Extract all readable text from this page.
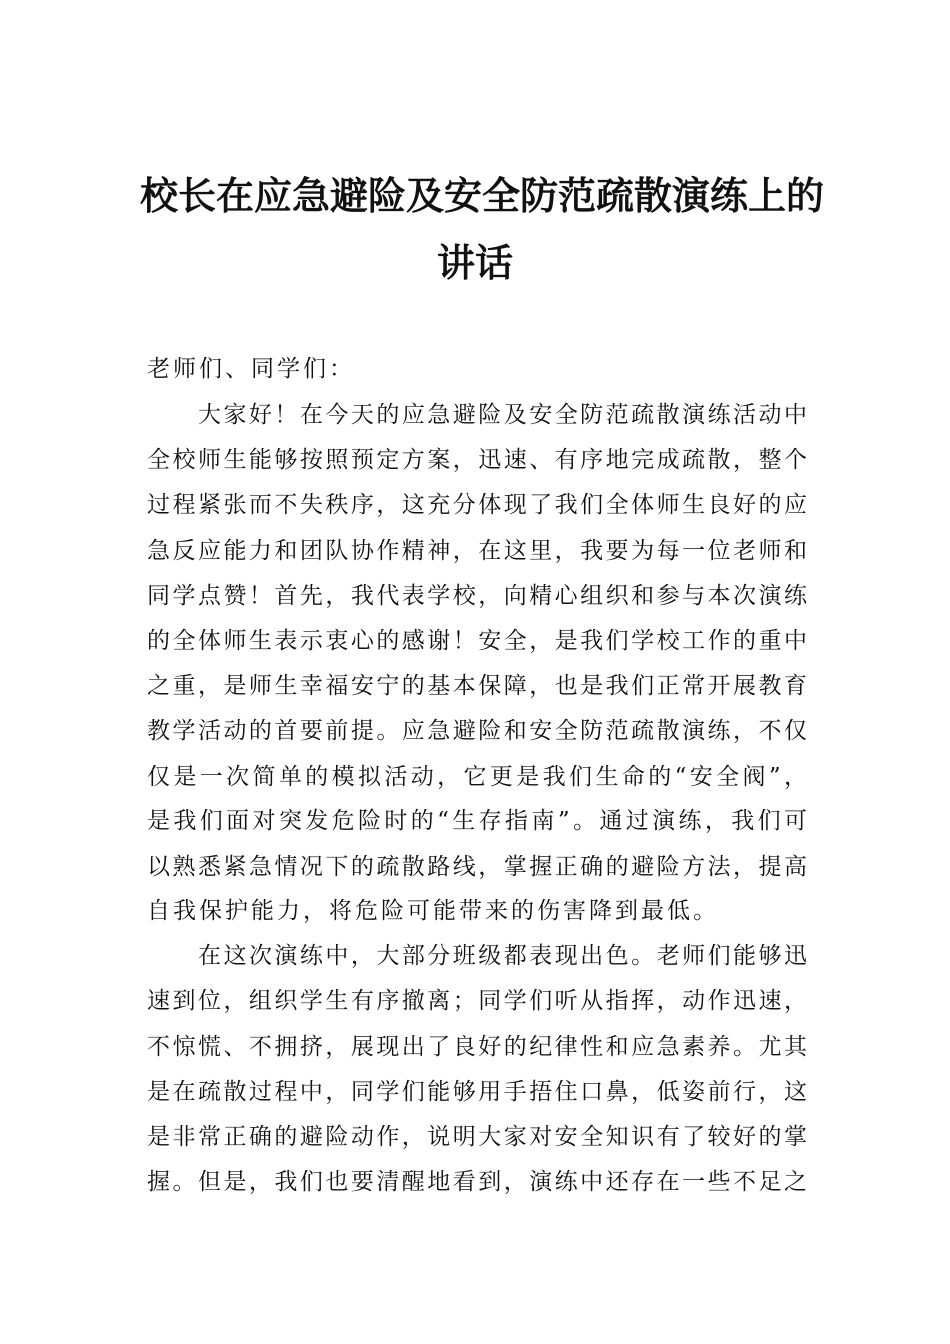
校长在应急避险及安全防范疏散演练上的
讲话

老师们、同学们：

大家好！在今天的应急避险及安全防范疏散演练活动中

全校师生能够按照预定方案，迅速、有序地完成疏散，整个

过程紧张而不失秩序，这充分体现了我们全体师生良好的应

急反应能力和团队协作精神，在这里，我要为每一位老师和

同学点赞！首先，我代表学校，向精心组织和参与本次演练

的全体师生表示衷心的感谢！安全，是我们学校工作的重中

之重，是师生幸福安宁的基本保障，也是我们正常开展教育

教学活动的首要前提。应急避险和安全防范疏散演练，不仅

仅是一次简单的模拟活动，它更是我们生命的“安全阀”，

是我们面对突发危险时的“生存指南”。通过演练，我们可

以熟悉紧急情况下的疏散路线，掌握正确的避险方法，提高

自我保护能力，将危险可能带来的伤害降到最低。

在这次演练中，大部分班级都表现出色。老师们能够迅

速到位，组织学生有序撤离；同学们听从指挥，动作迅速，

不惊慌、不拥挤，展现出了良好的纪律性和应急素养。尤其

是在疏散过程中，同学们能够用手捂住口鼻，低姿前行，这

是非常正确的避险动作，说明大家对安全知识有了较好的掌

握。但是，我们也要清醒地看到，演练中还存在一些不足之
